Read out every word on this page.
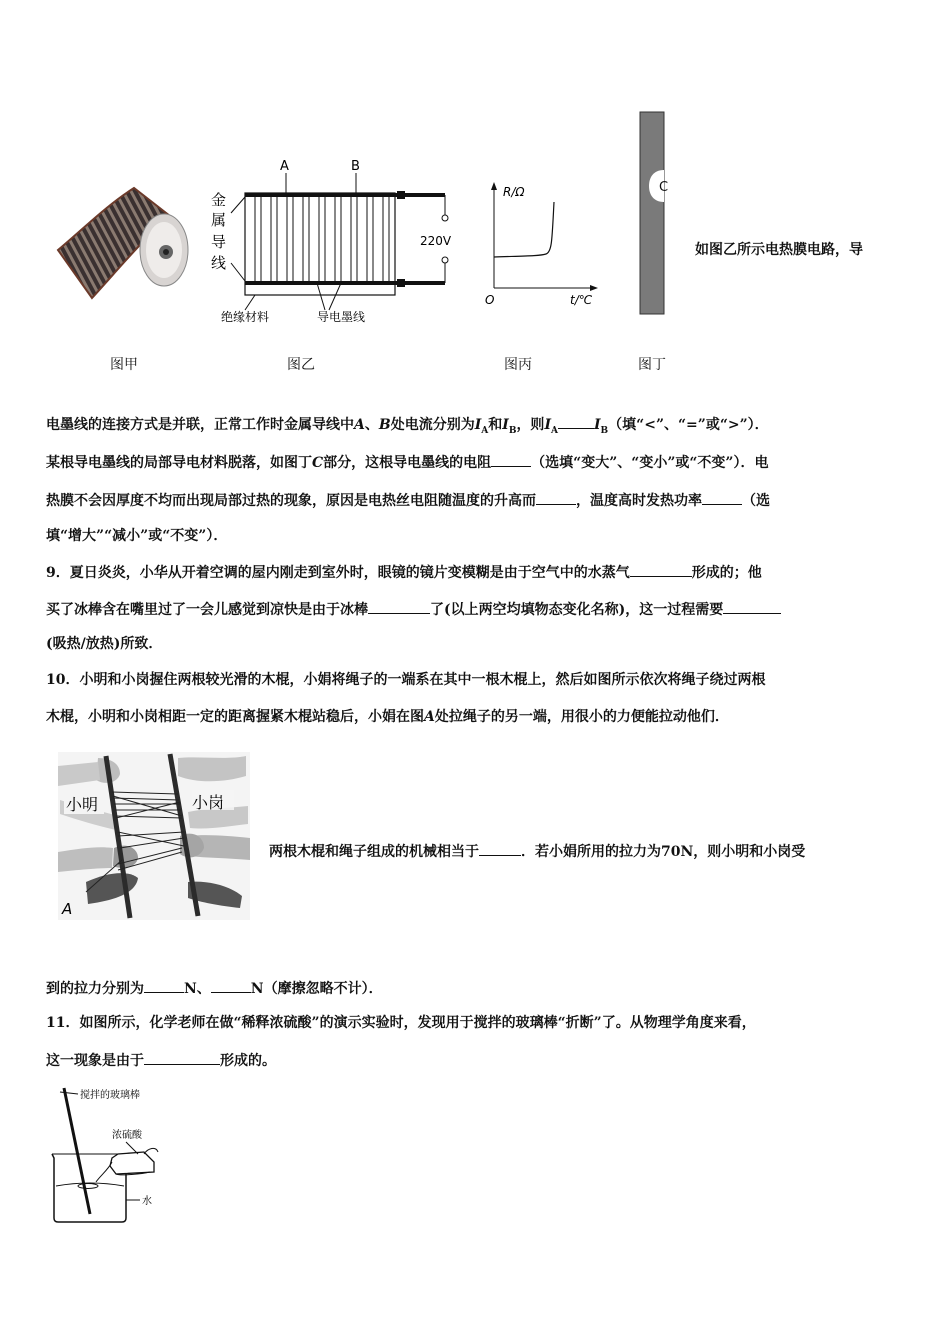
A	B
220V
金
属
导
线
绝缘材料	导电墨线
R/Ω
O	t/℃
C
图甲	图乙	图丙	图丁
如图乙所示电热膜电路，导
电墨线的连接方式是并联，正常工作时金属导线中A、B处电流分别为$I_A$和$I_B$，则$I_A$	$I_B$（填“<”、“=”或“>”）．
某根导电墨线的局部导电材料脱落，如图丁C部分，这根导电墨线的电阻	（选填“变大”、“变小”或“不变”）．电
热膜不会因厚度不均而出现局部过热的现象，原因是电热丝电阻随温度的升高而	，温度高时发热功率	（选
填“增大”“减小”或“不变”）．
9．夏日炎炎，小华从开着空调的屋内刚走到室外时，眼镜的镜片变模糊是由于空气中的水蒸气	形成的；他
买了冰棒含在嘴里过了一会儿感觉到凉快是由于冰棒	了(以上两空均填物态变化名称)，这一过程需要
(吸热/放热)所致．
10．小明和小岗握住两根较光滑的木棍，小娟将绳子的一端系在其中一根木棍上，然后如图所示依次将绳子绕过两根
木棍，小明和小岗相距一定的距离握紧木棍站稳后，小娟在图A处拉绳子的另一端，用很小的力便能拉动他们．
小明	小岗
A
两根木棍和绳子组成的机械相当于	．若小娟所用的拉力为70N，则小明和小岗受
到的拉力分别为	N、	N（摩擦忽略不计）．
11．如图所示，化学老师在做“稀释浓硫酸”的演示实验时，发现用于搅拌的玻璃棒“折断”了。从物理学角度来看，
这一现象是由于	形成的。
搅拌的玻璃棒
水
浓硫酸
